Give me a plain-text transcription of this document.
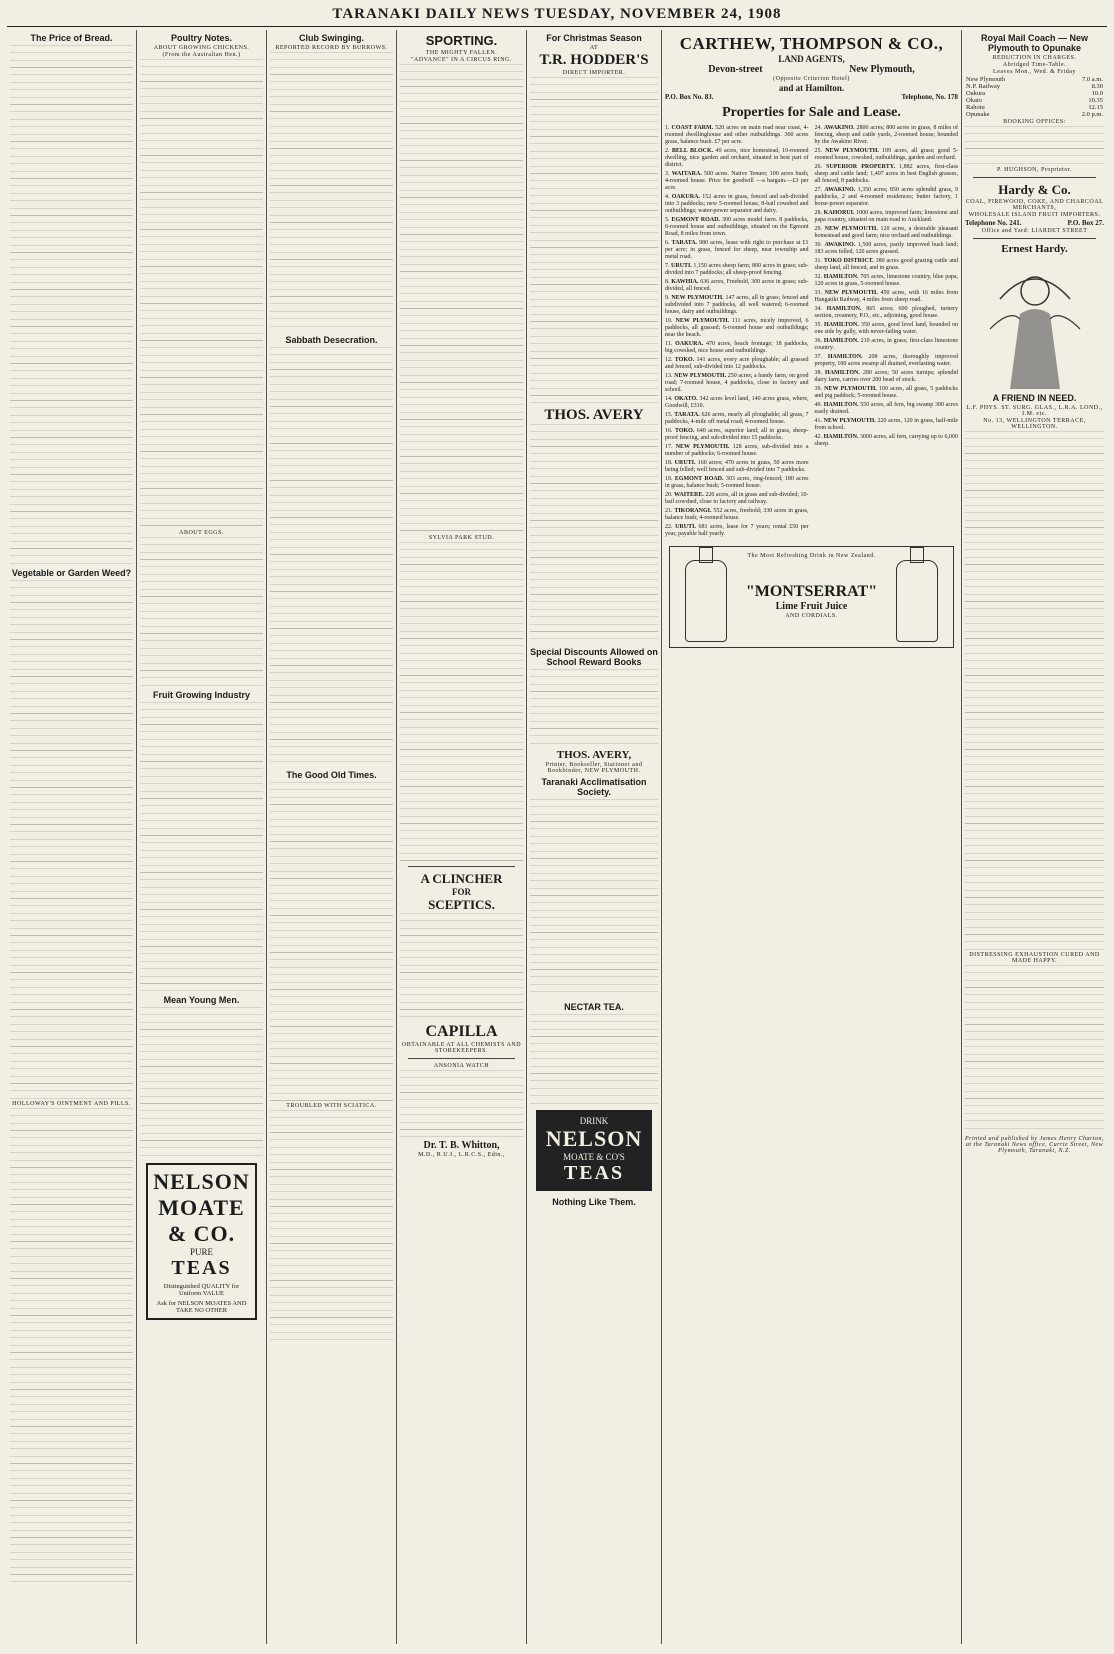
TARANAKI DAILY NEWS TUESDAY, NOVEMBER 24, 1908
The Price of Bread.
Vegetable or Garden Weed?
HOLLOWAY'S OINTMENT AND PILLS.
Poultry Notes.
ABOUT GROWING CHICKENS.
(From the Australian Hen.)
ABOUT EGGS.
Fruit Growing Industry
Mean Young Men.
NELSON MOATE & CO.
PURE
TEAS
Distinguished QUALITY for Uniform VALUE
Ask for NELSON MOATES AND TAKE NO OTHER
Club Swinging.
REPORTED RECORD BY BURROWS.
Sabbath Desecration.
The Good Old Times.
TROUBLED WITH SCIATICA.
SPORTING.
THE MIGHTY FALLEN.
"ADVANCE" IN A CIRCUS RING.
SYLVIA PARK STUD.
A CLINCHER
FOR
SCEPTICS.
CAPILLA
OBTAINABLE AT ALL CHEMISTS AND STOREKEEPERS.
ANSONIA WATCH
Dr. T. B. Whitton,
M.D., R.U.I., L.R.C.S., Edin.,
For Christmas Season
AT
T.R. HODDER'S
DIRECT IMPORTER.
THOS. AVERY
Special Discounts Allowed on School Reward Books
THOS. AVERY,
Printer, Bookseller, Stationer and Bookbinder, NEW PLYMOUTH.
Taranaki Acclimatisation Society.
NECTAR TEA.
DRINK
NELSON
MOATE & CO'S
TEAS
Nothing Like Them.
CARTHEW, THOMPSON & CO.,
LAND AGENTS,
Devon-street	New Plymouth,
(Opposite Criterion Hotel)
and at Hamilton.
P.O. Box No. 83.	Telephone, No. 178
Properties for Sale and Lease.
1. COAST FARM. 520 acres on main road near coast, 4-roomed dwellinghouse and other outbuildings. 360 acres grass, balance bush. £7 per acre.
2. BELL BLOCK. 49 acres, nice homestead, 10-roomed dwelling, nice garden and orchard, situated in best part of district.
3. WAITARA. 500 acres. Native Tenure; 100 acres bush; 4-roomed house. Price for goodwill —a bargain.—£3 per acre.
4. OAKURA. 152 acres in grass, fenced and sub-divided into 3 paddocks; new 5-roomed house, 8-bail cowshed and outbuildings; water-power separator and dairy.
5. EGMONT ROAD. 300 acres model farm. 8 paddocks, 6-roomed house and outbuildings, situated on the Egmont Road, 8 miles from town.
6. TARATA. 980 acres, lease with right to purchase at £1 per acre; in grass, fenced for sheep, near township and metal road.
7. URUTI. 1,150 acres sheep farm; 800 acres in grass; sub-divided into 7 paddocks; all sheep-proof fencing.
8. KAWHIA. 636 acres, Freehold, 300 acres in grass; sub-divided, all fenced.
9. NEW PLYMOUTH. 147 acres, all in grass; fenced and subdivided into 7 paddocks, all well watered; 6-roomed house, dairy and outbuildings.
10. NEW PLYMOUTH. 111 acres, nicely improved, 6 paddocks, all grassed; 6-roomed house and outbuildings; near the beach.
11. OAKURA. 470 acres, beach frontage; 18 paddocks, big cowshed, nice house and outbuildings.
12. TOKO. 141 acres, every acre ploughable; all grassed and fenced, sub-divided into 12 paddocks.
13. NEW PLYMOUTH. 250 acres; a handy farm, on good road; 7-roomed house, 4 paddocks, close to factory and school.
14. OKATO. 342 acres level land, 140 acres grass, where, Goodwill, £310.
15. TARATA. 626 acres, nearly all ploughable; all grass, 7 paddocks, 4-mile off metal road; 4-roomed house.
16. TOKO. 640 acres, superior land; all in grass, sheep-proof fencing, and sub-divided into 15 paddocks.
17. NEW PLYMOUTH. 128 acres, sub-divided into a number of paddocks; 6-roomed house.
18. URUTI. 160 acres; 470 acres in grass, 50 acres more being felled; well fenced and sub-divided into 7 paddocks.
19. EGMONT ROAD. 303 acres, ring-fenced; 180 acres in grass, balance bush; 5-roomed house.
20. WAITERE. 220 acres, all in grass and sub-divided; 10-bail cowshed, close to factory and railway.
21. TIKORANGI. 552 acres, freehold; 330 acres in grass, balance bush; 4-roomed house.
22. URUTI. 681 acres, lease for 7 years; rental £50 per year, payable half yearly.
24. AWAKINO. 2800 acres; 800 acres in grass, 8 miles of fencing, sheep and cattle yards, 2-roomed house; bounded by the Awakino River.
25. NEW PLYMOUTH. 109 acres, all grass; good 5-roomed house, cowshed, outbuildings, garden and orchard.
26. SUPERIOR PROPERTY. 1,882 acres, first-class sheep and cattle land; 1,407 acres in best English grasses, all fenced, 8 paddocks.
27. AWAKINO. 1,350 acres; 850 acres splendid grass, 9 paddocks, 2 and 4-roomed residences; butter factory, 1 horse-power separator.
28. KAHORUI. 1000 acres, improved farm; limestone and papa country, situated on main road to Auckland.
29. NEW PLYMOUTH. 120 acres, a desirable pleasant homestead and good farm; nice orchard and outbuildings.
30. AWAKINO. 1,500 acres, partly improved bush land; 183 acres felled, 120 acres grassed.
31. TOKO DISTRICT. 380 acres good grazing cattle and sheep land, all fenced, and in grass.
32. HAMILTON. 705 acres, limestone country, blue papa, 120 acres in grass, 5-roomed house.
33. NEW PLYMOUTH. 450 acres, with 16 miles from Hangatiki Railway, 4 miles from sheep road.
34. HAMILTON. 865 acres; 600 ploughed, turnery section, creamery, P.O., etc., adjoining, good house.
35. HAMILTON. 350 acres, good level land, bounded on one side by gully, with never-failing water.
36. HAMILTON. 210 acres, in grass; first-class limestone country.
37. HAMILTON. 208 acres, thoroughly improved property, 100 acres swamp all drained, everlasting water.
38. HAMILTON. 280 acres; 50 acres turnips; splendid dairy farm, carries over 200 head of stock.
39. NEW PLYMOUTH. 100 acres, all grass, 5 paddocks and pig paddock; 5-roomed house.
40. HAMILTON. 550 acres, all fern, big swamp 300 acres easily drained.
41. NEW PLYMOUTH. 220 acres, 120 in grass, half-mile from school.
42. HAMILTON. 3000 acres, all fern, carrying up to 6,000 sheep.
The Most Refreshing Drink in New Zealand.
"MONTSERRAT"
Lime Fruit Juice
AND CORDIALS.
Royal Mail Coach — New Plymouth to Opunake
REDUCTION IN CHARGES.
Abridged Time-Table.
Leaves Mon., Wed. & Friday
New Plymouth	7.0 a.m.
N.P. Railway	8.30
Oakura	10.0
Okato	10.35
Rahotu	12.15
Opunake	2.0 p.m.
BOOKING OFFICES:
P. HUGHSON, Proprietor.
Hardy & Co.
COAL, FIREWOOD, COKE, AND CHARCOAL MERCHANTS,
WHOLESALE ISLAND FRUIT IMPORTERS.
Telephone No. 241.	P.O. Box 27.
Office and Yard: LIARDET STREET
Ernest Hardy.
A FRIEND IN NEED.
L.F. PHYS. ST. SURG. GLAS., L.R.A. LOND., I.M. etc.
No. 13, WELLINGTON TERRACE, WELLINGTON.
DISTRESSING EXHAUSTION CURED AND MADE HAPPY.
Printed and published by James Henry Charton, at the Taranaki News office, Currie Street, New Plymouth, Taranaki, N.Z.
